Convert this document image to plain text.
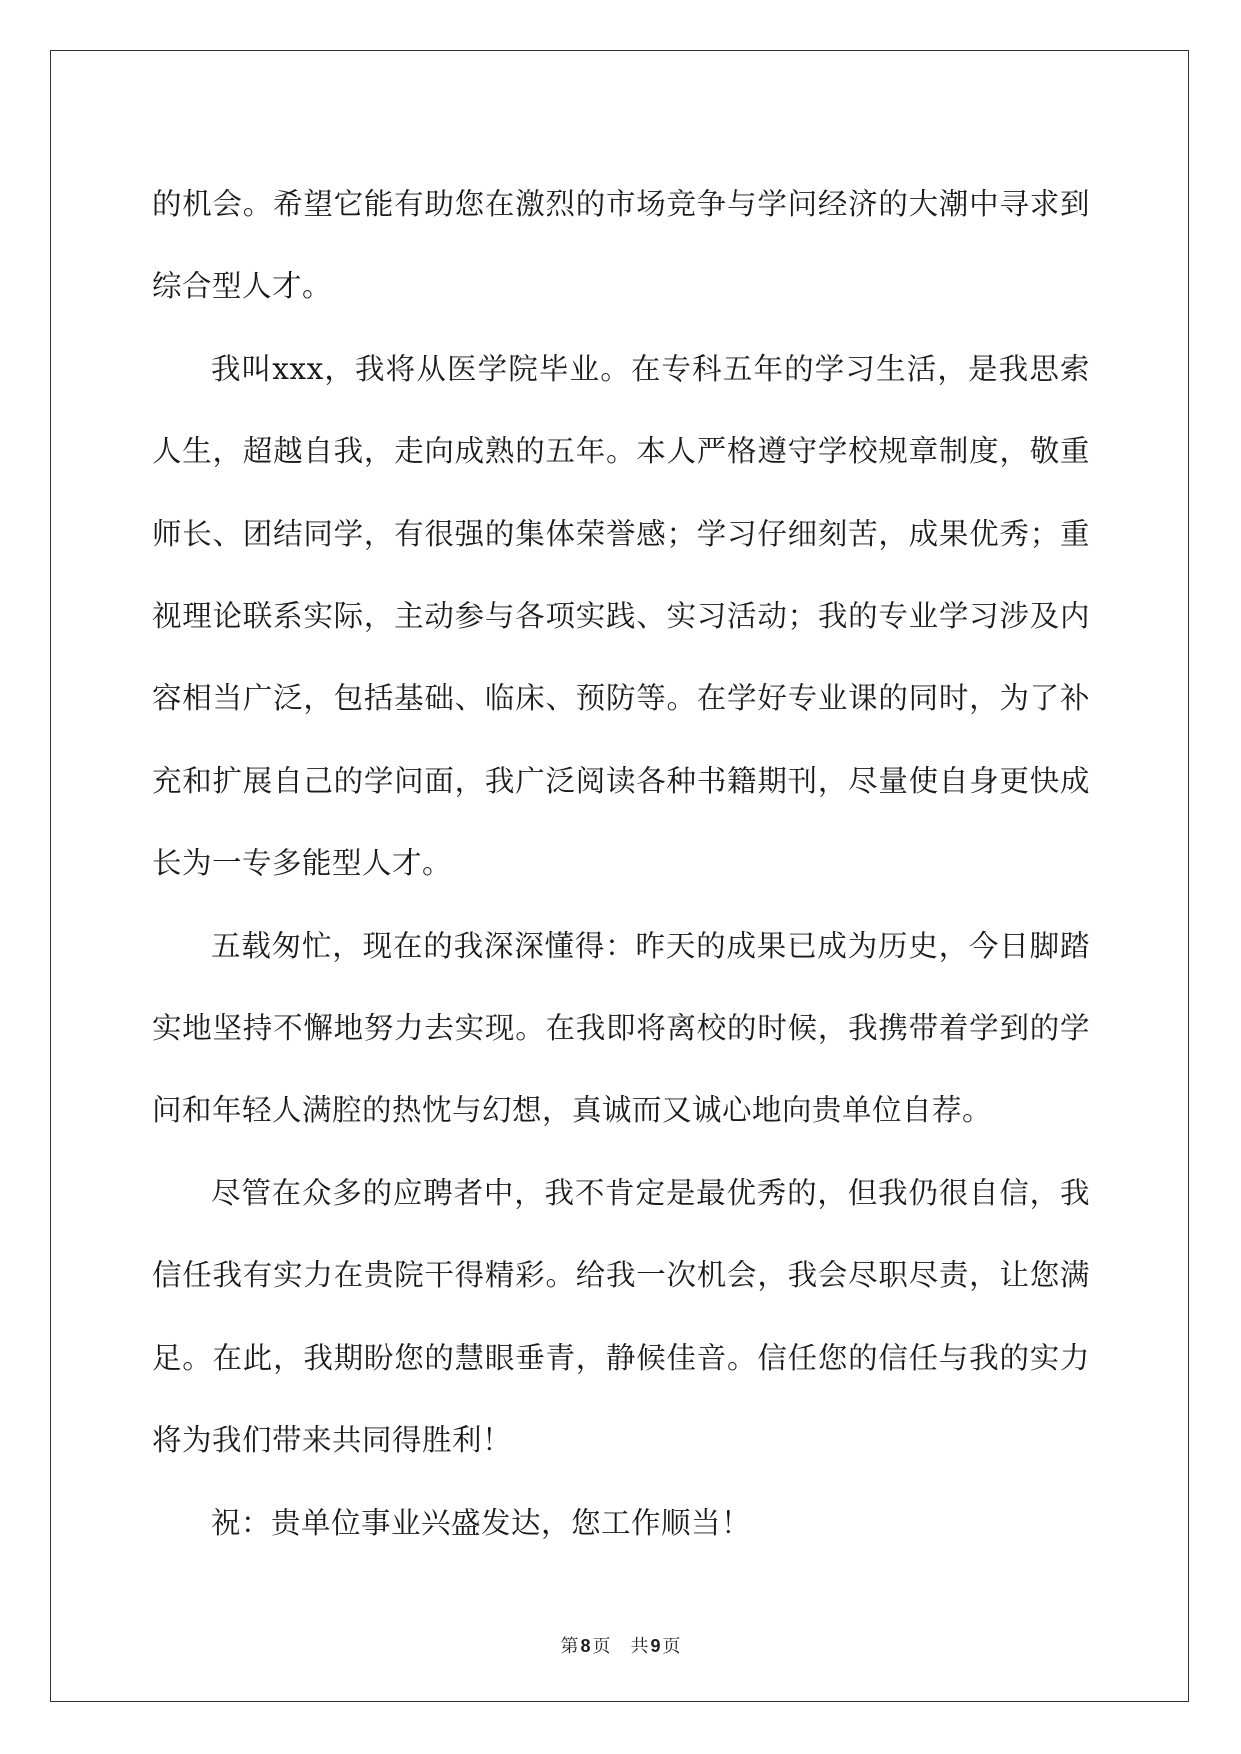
的机会。希望它能有助您在激烈的市场竞争与学问经济的大潮中寻求到综合型人才。

我叫xxx，我将从医学院毕业。在专科五年的学习生活，是我思索人生，超越自我，走向成熟的五年。本人严格遵守学校规章制度，敬重师长、团结同学，有很强的集体荣誉感；学习仔细刻苦，成果优秀；重视理论联系实际，主动参与各项实践、实习活动；我的专业学习涉及内容相当广泛，包括基础、临床、预防等。在学好专业课的同时，为了补充和扩展自己的学问面，我广泛阅读各种书籍期刊，尽量使自身更快成长为一专多能型人才。

五载匆忙，现在的我深深懂得：昨天的成果已成为历史，今日脚踏实地坚持不懈地努力去实现。在我即将离校的时候，我携带着学到的学问和年轻人满腔的热忱与幻想，真诚而又诚心地向贵单位自荐。

尽管在众多的应聘者中，我不肯定是最优秀的，但我仍很自信，我信任我有实力在贵院干得精彩。给我一次机会，我会尽职尽责，让您满足。在此，我期盼您的慧眼垂青，静候佳音。信任您的信任与我的实力将为我们带来共同得胜利！

祝：贵单位事业兴盛发达，您工作顺当！

第 8 页 共 9 页
